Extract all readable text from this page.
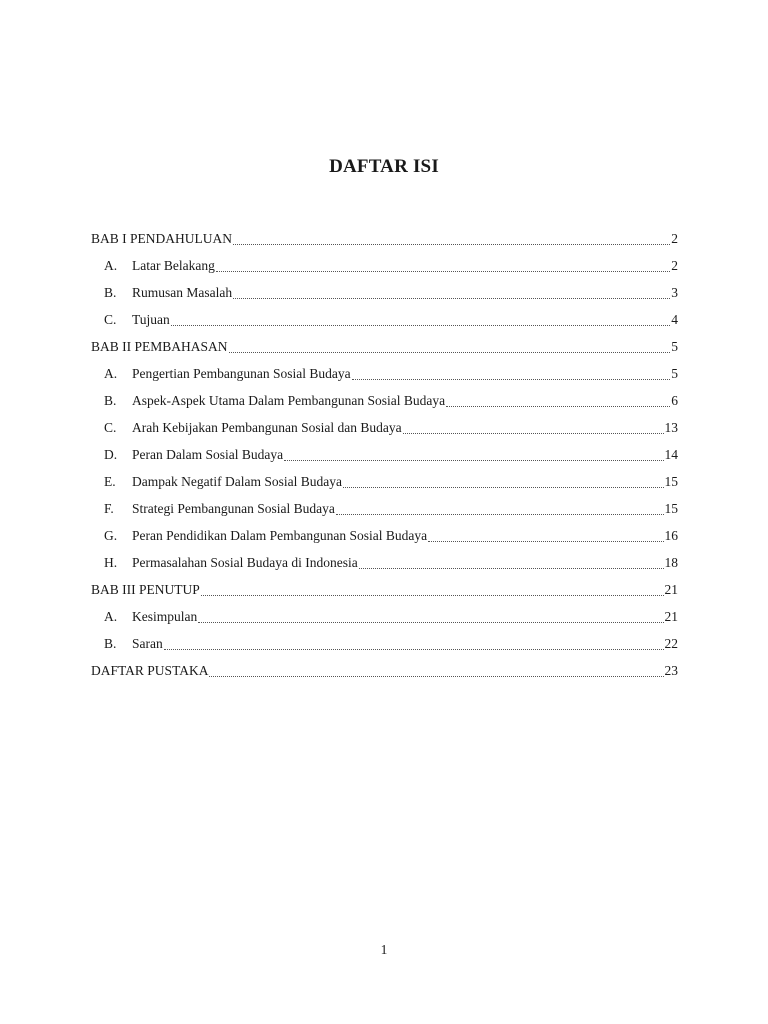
DAFTAR ISI
BAB I PENDAHULUAN	2
A.	Latar Belakang	2
B.	Rumusan Masalah	3
C.	Tujuan	4
BAB II PEMBAHASAN	5
A.	Pengertian Pembangunan Sosial Budaya	5
B.	Aspek-Aspek Utama Dalam Pembangunan Sosial Budaya	6
C.	Arah Kebijakan Pembangunan Sosial dan Budaya	13
D.	Peran Dalam Sosial Budaya	14
E.	Dampak Negatif Dalam Sosial Budaya	15
F.	Strategi Pembangunan Sosial Budaya	15
G.	Peran Pendidikan Dalam Pembangunan Sosial Budaya	16
H.	Permasalahan Sosial Budaya di Indonesia	18
BAB III PENUTUP	21
A.	Kesimpulan	21
B.	Saran	22
DAFTAR PUSTAKA	23
1
